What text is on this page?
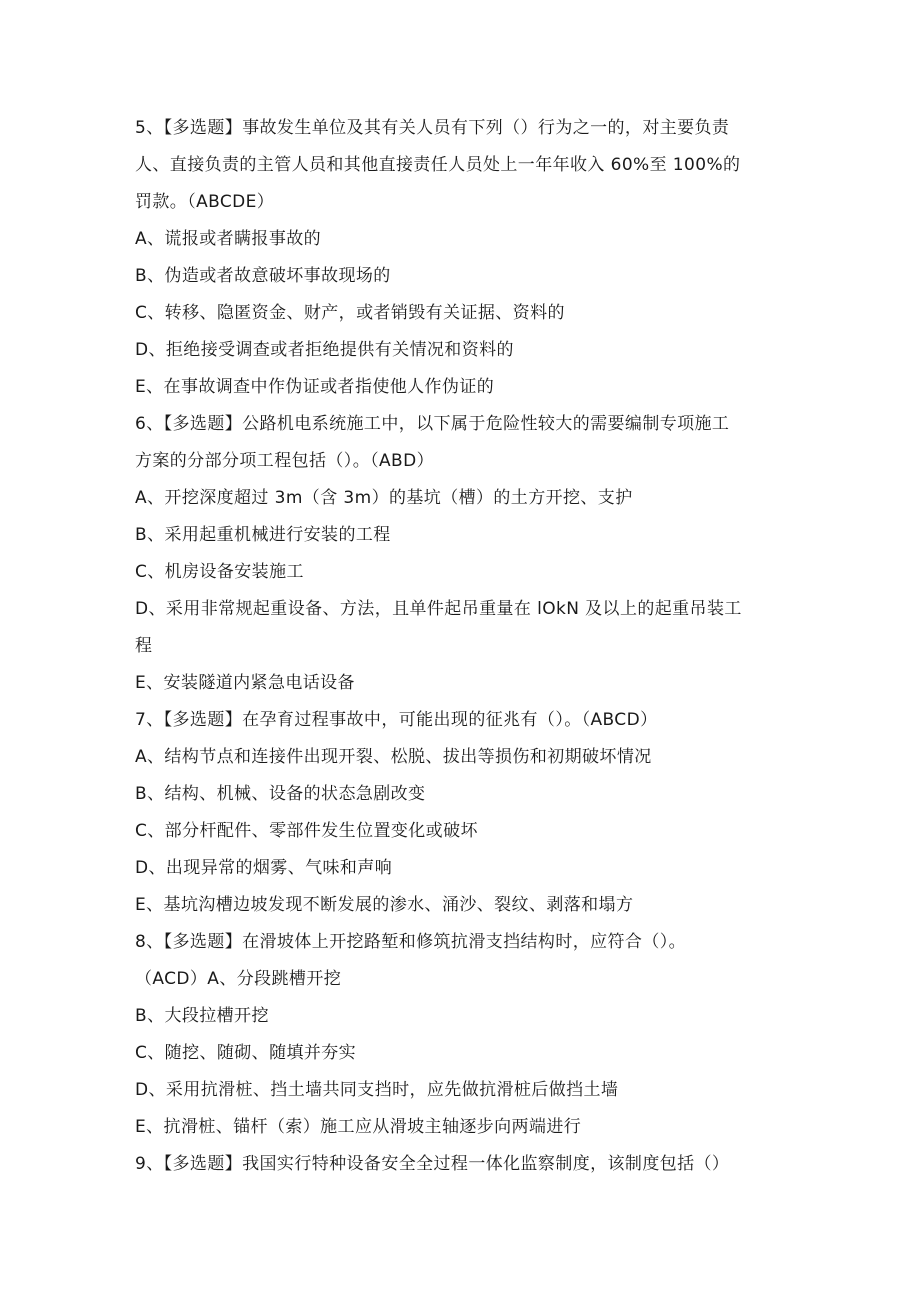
5、【多选题】事故发生单位及其有关人员有下列（）行为之一的，对主要负责
人、直接负责的主管人员和其他直接责任人员处上一年年收入 60%至 100%的
罚款。（ABCDE）
A、谎报或者瞒报事故的
B、伪造或者故意破坏事故现场的
C、转移、隐匿资金、财产，或者销毁有关证据、资料的
D、拒绝接受调查或者拒绝提供有关情况和资料的
E、在事故调查中作伪证或者指使他人作伪证的
6、【多选题】公路机电系统施工中，以下属于危险性较大的需要编制专项施工
方案的分部分项工程包括（）。（ABD）
A、开挖深度超过 3m（含 3m）的基坑（槽）的土方开挖、支护
B、采用起重机械进行安装的工程
C、机房设备安装施工
D、采用非常规起重设备、方法，且单件起吊重量在 lOkN 及以上的起重吊装工
程
E、安装隧道内紧急电话设备
7、【多选题】在孕育过程事故中，可能出现的征兆有（）。（ABCD）
A、结构节点和连接件出现开裂、松脱、拔出等损伤和初期破坏情况
B、结构、机械、设备的状态急剧改变
C、部分杆配件、零部件发生位置变化或破坏
D、出现异常的烟雾、气味和声响
E、基坑沟槽边坡发现不断发展的渗水、涌沙、裂纹、剥落和塌方
8、【多选题】在滑坡体上开挖路堑和修筑抗滑支挡结构时，应符合（）。
（ACD）A、分段跳槽开挖
B、大段拉槽开挖
C、随挖、随砌、随填并夯实
D、采用抗滑桩、挡土墙共同支挡时，应先做抗滑桩后做挡土墙
E、抗滑桩、锚杆（索）施工应从滑坡主轴逐步向两端进行
9、【多选题】我国实行特种设备安全全过程一体化监察制度，该制度包括（）
